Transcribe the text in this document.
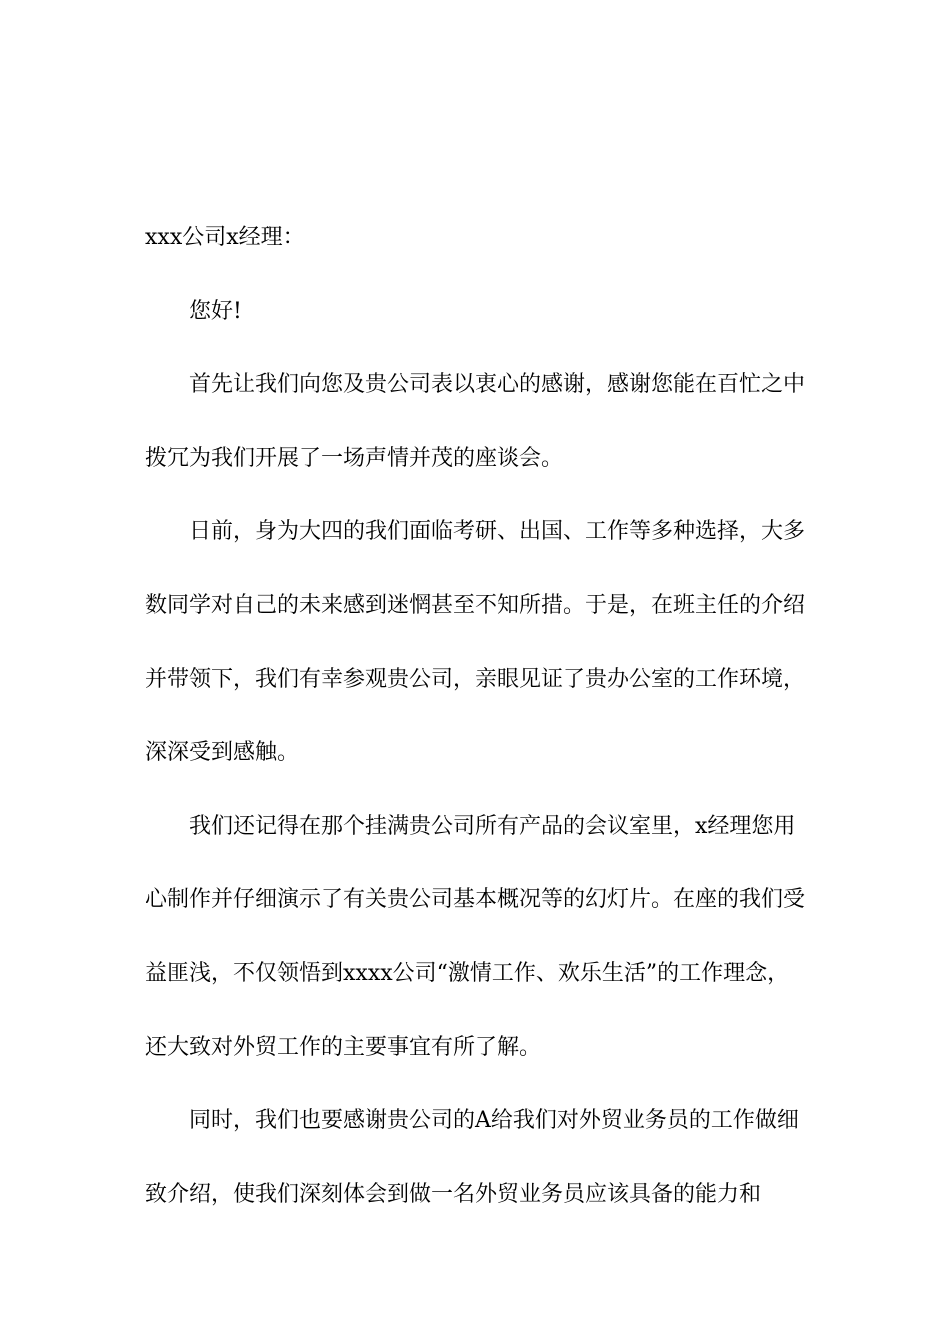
xxx公司x经理：

您好!

首先让我们向您及贵公司表以衷心的感谢，感谢您能在百忙之中拨冗为我们开展了一场声情并茂的座谈会。

日前，身为大四的我们面临考研、出国、工作等多种选择，大多数同学对自己的未来感到迷惘甚至不知所措。于是，在班主任的介绍并带领下，我们有幸参观贵公司，亲眼见证了贵办公室的工作环境，深深受到感触。

我们还记得在那个挂满贵公司所有产品的会议室里，x经理您用心制作并仔细演示了有关贵公司基本概况等的幻灯片。在座的我们受益匪浅，不仅领悟到xxxx公司“激情工作、欢乐生活”的工作理念，还大致对外贸工作的主要事宜有所了解。

同时，我们也要感谢贵公司的A给我们对外贸业务员的工作做细致介绍，使我们深刻体会到做一名外贸业务员应该具备的能力和
